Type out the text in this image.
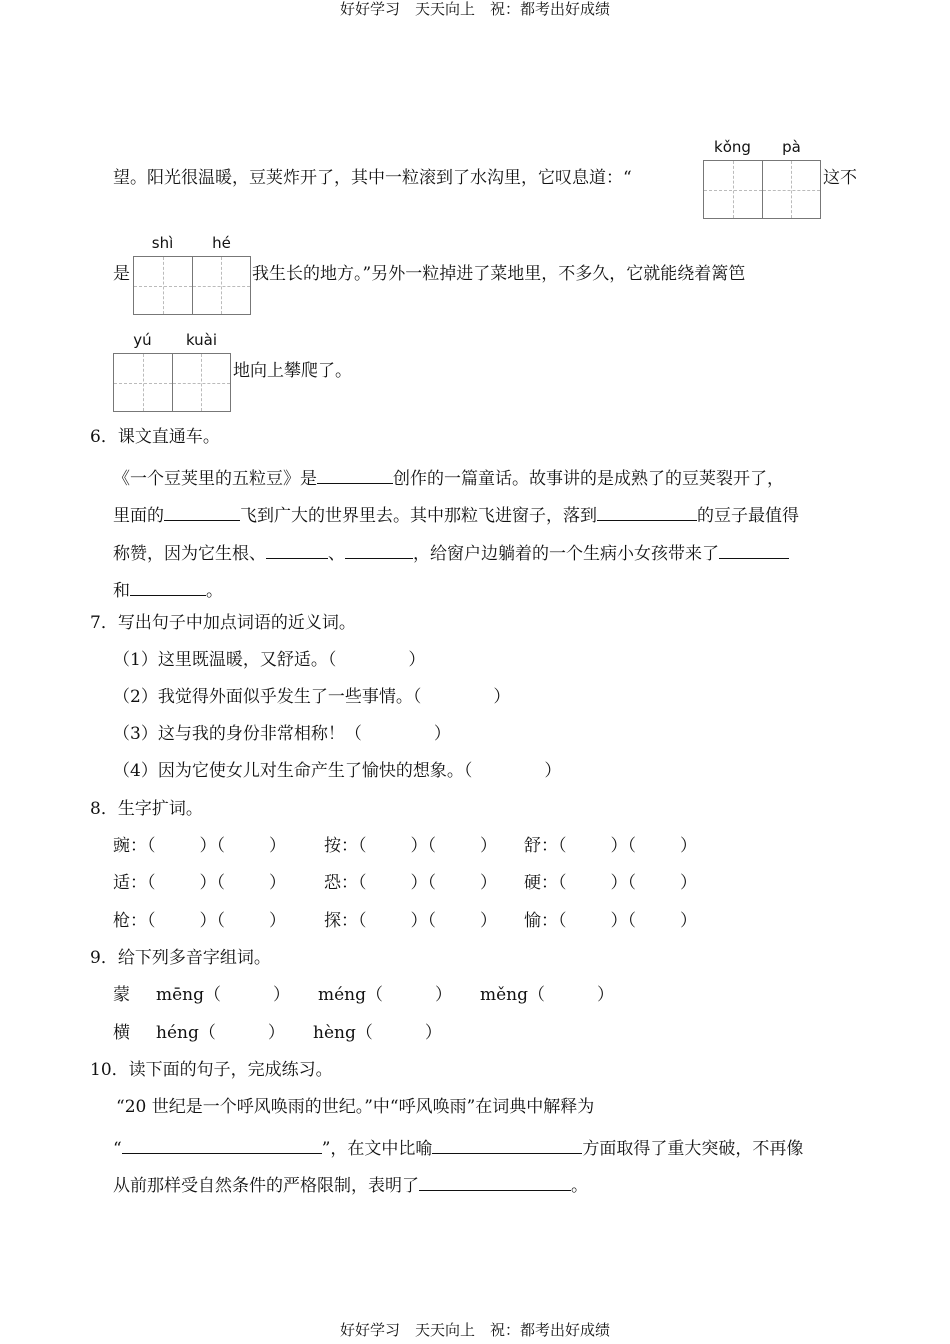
好好学习　天天向上　祝：都考出好成绩
好好学习　天天向上　祝：都考出好成绩
kǒng	pà
望。阳光很温暖，豆荚炸开了，其中一粒滚到了水沟里，它叹息道：“	这不
shì	hé
是	我生长的地方。”另外一粒掉进了菜地里，不多久，它就能绕着篱笆
yú	kuài
地向上攀爬了。
6．课文直通车。
《一个豆荚里的五粒豆》是	创作的一篇童话。故事讲的是成熟了的豆荚裂开了，
里面的	飞到广大的世界里去。其中那粒飞进窗子，落到	的豆子最值得
称赞，因为它生根、	、	，给窗户边躺着的一个生病小女孩带来了
和	。
7．写出句子中加点词语的近义词。
（1）这里既温暖，又舒适。（	）
（2）我觉得外面似乎发生了一些事情。（	）
（3）这与我的身份非常相称！（	）
（4）因为它使女儿对生命产生了愉快的想象。（	）
8．生字扩词。
豌：（	）（	） 按：（	）（	） 舒：（	）（	）
适：（	）（	） 恐：（	）（	） 硬：（	）（	）
枪：（	）（	） 探：（	）（	） 愉：（	）（	）
9．给下列多音字组词。
蒙 mēng（	） méng（	） měng（	）
横 héng（	） hèng（	）
10．读下面的句子，完成练习。
“20 世纪是一个呼风唤雨的世纪。”中“呼风唤雨”在词典中解释为
“	”，在文中比喻	方面取得了重大突破，不再像
从前那样受自然条件的严格限制，表明了	。
